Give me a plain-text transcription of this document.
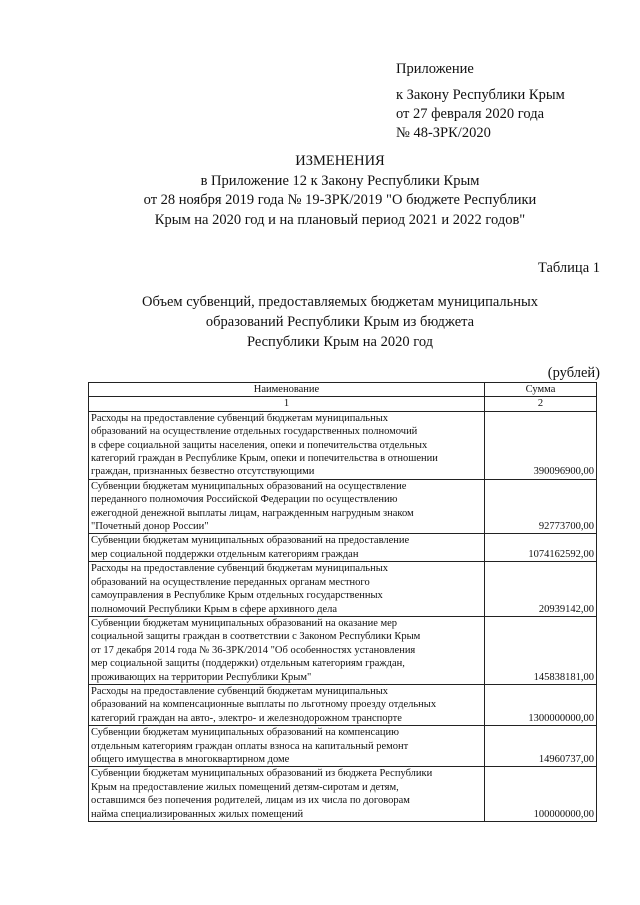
Приложение
к Закону Республики Крым
от 27 февраля 2020 года
№ 48-ЗРК/2020
ИЗМЕНЕНИЯ
в Приложение 12 к Закону Республики Крым
от 28 ноября 2019 года № 19-ЗРК/2019 "О бюджете Республики
Крым на 2020 год и на плановый период 2021 и 2022 годов"
Таблица 1
Объем субвенций, предоставляемых бюджетам муниципальных
образований Республики Крым из бюджета
Республики Крым на 2020 год
(рублей)
Наименование	Сумма
1	2

Расходы на предоставление субвенций бюджетам муниципальных
образований на осуществление отдельных государственных полномочий
в сфере социальной защиты населения, опеки и попечительства отдельных
категорий граждан в Республике Крым, опеки и попечительства в отношении
граждан, признанных безвестно отсутствующими	390096900,00

Субвенции бюджетам муниципальных образований на осуществление
переданного полномочия Российской Федерации по осуществлению
ежегодной денежной выплаты лицам, награжденным нагрудным знаком
"Почетный донор России"	92773700,00

Субвенции бюджетам муниципальных образований на предоставление
мер социальной поддержки отдельным категориям граждан	1074162592,00

Расходы на предоставление субвенций бюджетам муниципальных
образований на осуществление переданных органам местного
самоуправления в Республике Крым отдельных государственных
полномочий Республики Крым в сфере архивного дела	20939142,00

Субвенции бюджетам муниципальных образований на оказание мер
социальной защиты граждан в соответствии с Законом Республики Крым
от 17 декабря 2014 года № 36-ЗРК/2014 "Об особенностях установления
мер социальной защиты (поддержки) отдельным категориям граждан,
проживающих на территории Республики Крым"	145838181,00

Расходы на предоставление субвенций бюджетам муниципальных
образований на компенсационные выплаты по льготному проезду отдельных
категорий граждан на авто-, электро- и железнодорожном транспорте	1300000000,00

Субвенции бюджетам муниципальных образований на компенсацию
отдельным категориям граждан оплаты взноса на капитальный ремонт
общего имущества в многоквартирном доме	14960737,00

Субвенции бюджетам муниципальных образований из бюджета Республики
Крым на предоставление жилых помещений детям-сиротам и детям,
оставшимся без попечения родителей, лицам из их числа по договорам
найма специализированных жилых помещений	100000000,00
